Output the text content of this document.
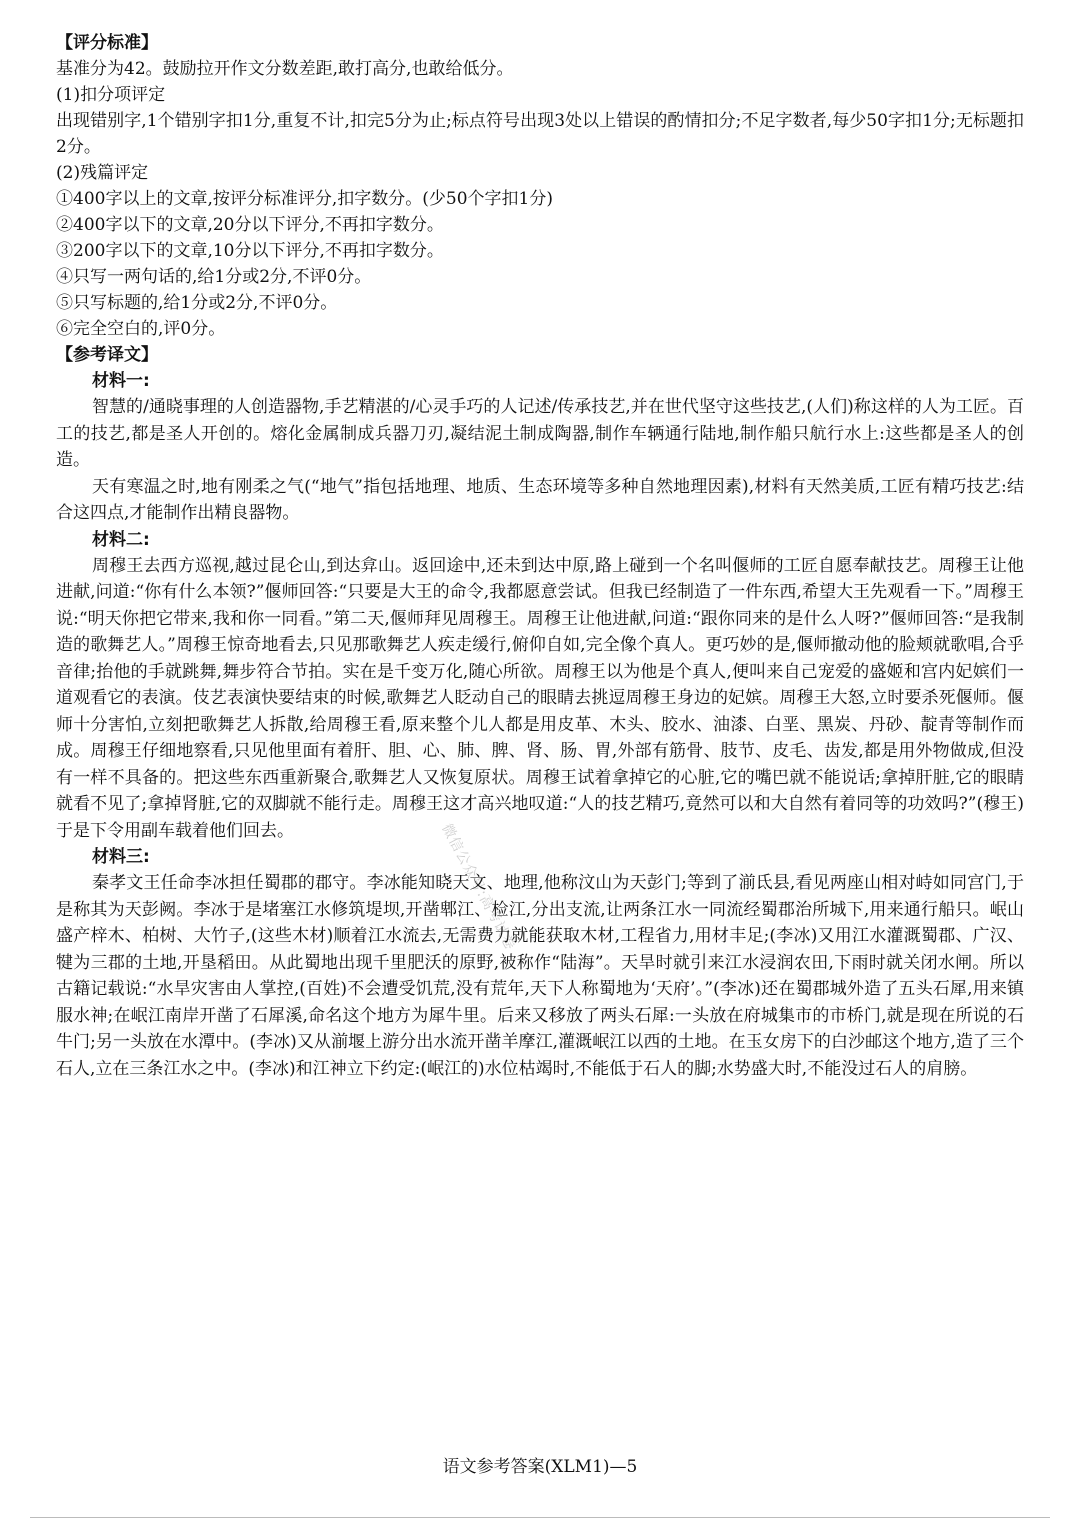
【评分标准】

基准分为42。鼓励拉开作文分数差距,敢打高分,也敢给低分。

(1)扣分项评定

出现错别字,1个错别字扣1分,重复不计,扣完5分为止;标点符号出现3处以上错误的酌情扣分;不足字数者,每少50字扣1分;无标题扣2分。

(2)残篇评定

①400字以上的文章,按评分标准评分,扣字数分。(少50个字扣1分)

②400字以下的文章,20分以下评分,不再扣字数分。

③200字以下的文章,10分以下评分,不再扣字数分。

④只写一两句话的,给1分或2分,不评0分。

⑤只写标题的,给1分或2分,不评0分。

⑥完全空白的,评0分。

【参考译文】
材料一:

智慧的/通晓事理的人创造器物,手艺精湛的/心灵手巧的人记述/传承技艺,并在世代坚守这些技艺,(人们)称这样的人为工匠。百工的技艺,都是圣人开创的。熔化金属制成兵器刀刃,凝结泥土制成陶器,制作车辆通行陆地,制作船只航行水上:这些都是圣人的创造。

天有寒温之时,地有刚柔之气(“地气”指包括地理、地质、生态环境等多种自然地理因素),材料有天然美质,工匠有精巧技艺:结合这四点,才能制作出精良器物。

材料二:

周穆王去西方巡视,越过昆仑山,到达弇山。返回途中,还未到达中原,路上碰到一个名叫偃师的工匠自愿奉献技艺。周穆王让他进献,问道:“你有什么本领?”偃师回答:“只要是大王的命令,我都愿意尝试。但我已经制造了一件东西,希望大王先观看一下。”周穆王说:“明天你把它带来,我和你一同看。”第二天,偃师拜见周穆王。周穆王让他进献,问道:“跟你同来的是什么人呀?”偃师回答:“是我制造的歌舞艺人。”周穆王惊奇地看去,只见那歌舞艺人疾走缓行,俯仰自如,完全像个真人。更巧妙的是,偃师撤动他的脸颊就歌唱,合乎音律;抬他的手就跳舞,舞步符合节拍。实在是千变万化,随心所欲。周穆王以为他是个真人,便叫来自己宠爱的盛姬和宫内妃嫔们一道观看它的表演。伎艺表演快要结束的时候,歌舞艺人眨动自己的眼睛去挑逗周穆王身边的妃嫔。周穆王大怒,立时要杀死偃师。偃师十分害怕,立刻把歌舞艺人拆散,给周穆王看,原来整个儿人都是用皮革、木头、胶水、油漆、白垩、黑炭、丹砂、靛青等制作而成。周穆王仔细地察看,只见他里面有着肝、胆、心、肺、脾、肾、肠、胃,外部有筋骨、肢节、皮毛、齿发,都是用外物做成,但没有一样不具备的。把这些东西重新聚合,歌舞艺人又恢复原状。周穆王试着拿掉它的心脏,它的嘴巴就不能说话;拿掉肝脏,它的眼睛就看不见了;拿掉肾脏,它的双脚就不能行走。周穆王这才高兴地叹道:“人的技艺精巧,竟然可以和大自然有着同等的功效吗?”(穆王)于是下令用副车载着他们回去。

材料三:

秦孝文王任命李冰担任蜀郡的郡守。李冰能知晓天文、地理,他称汶山为天彭门;等到了湔氐县,看见两座山相对峙如同宫门,于是称其为天彭阙。李冰于是堵塞江水修筑堤坝,开凿郫江、检江,分出支流,让两条江水一同流经蜀郡治所城下,用来通行船只。岷山盛产梓木、柏树、大竹子,(这些木材)顺着江水流去,无需费力就能获取木材,工程省力,用材丰足;(李冰)又用江水灌溉蜀郡、广汉、犍为三郡的土地,开垦稻田。从此蜀地出现千里肥沃的原野,被称作“陆海”。天旱时就引来江水浸润农田,下雨时就关闭水闸。所以古籍记载说:“水旱灾害由人掌控,(百姓)不会遭受饥荒,没有荒年,天下人称蜀地为‘天府’。”(李冰)还在蜀郡城外造了五头石犀,用来镇服水神;在岷江南岸开凿了石犀溪,命名这个地方为犀牛里。后来又移放了两头石犀:一头放在府城集市的市桥门,就是现在所说的石牛门;另一头放在水潭中。(李冰)又从湔堰上游分出水流开凿羊摩江,灌溉岷江以西的土地。在玉女房下的白沙邮这个地方,造了三个石人,立在三条江水之中。(李冰)和江神立下约定:(岷江的)水位枯竭时,不能低于石人的脚;水势盛大时,不能没过石人的肩膀。

微信公众号:高考试卷
语文参考答案(XLM1)—5
